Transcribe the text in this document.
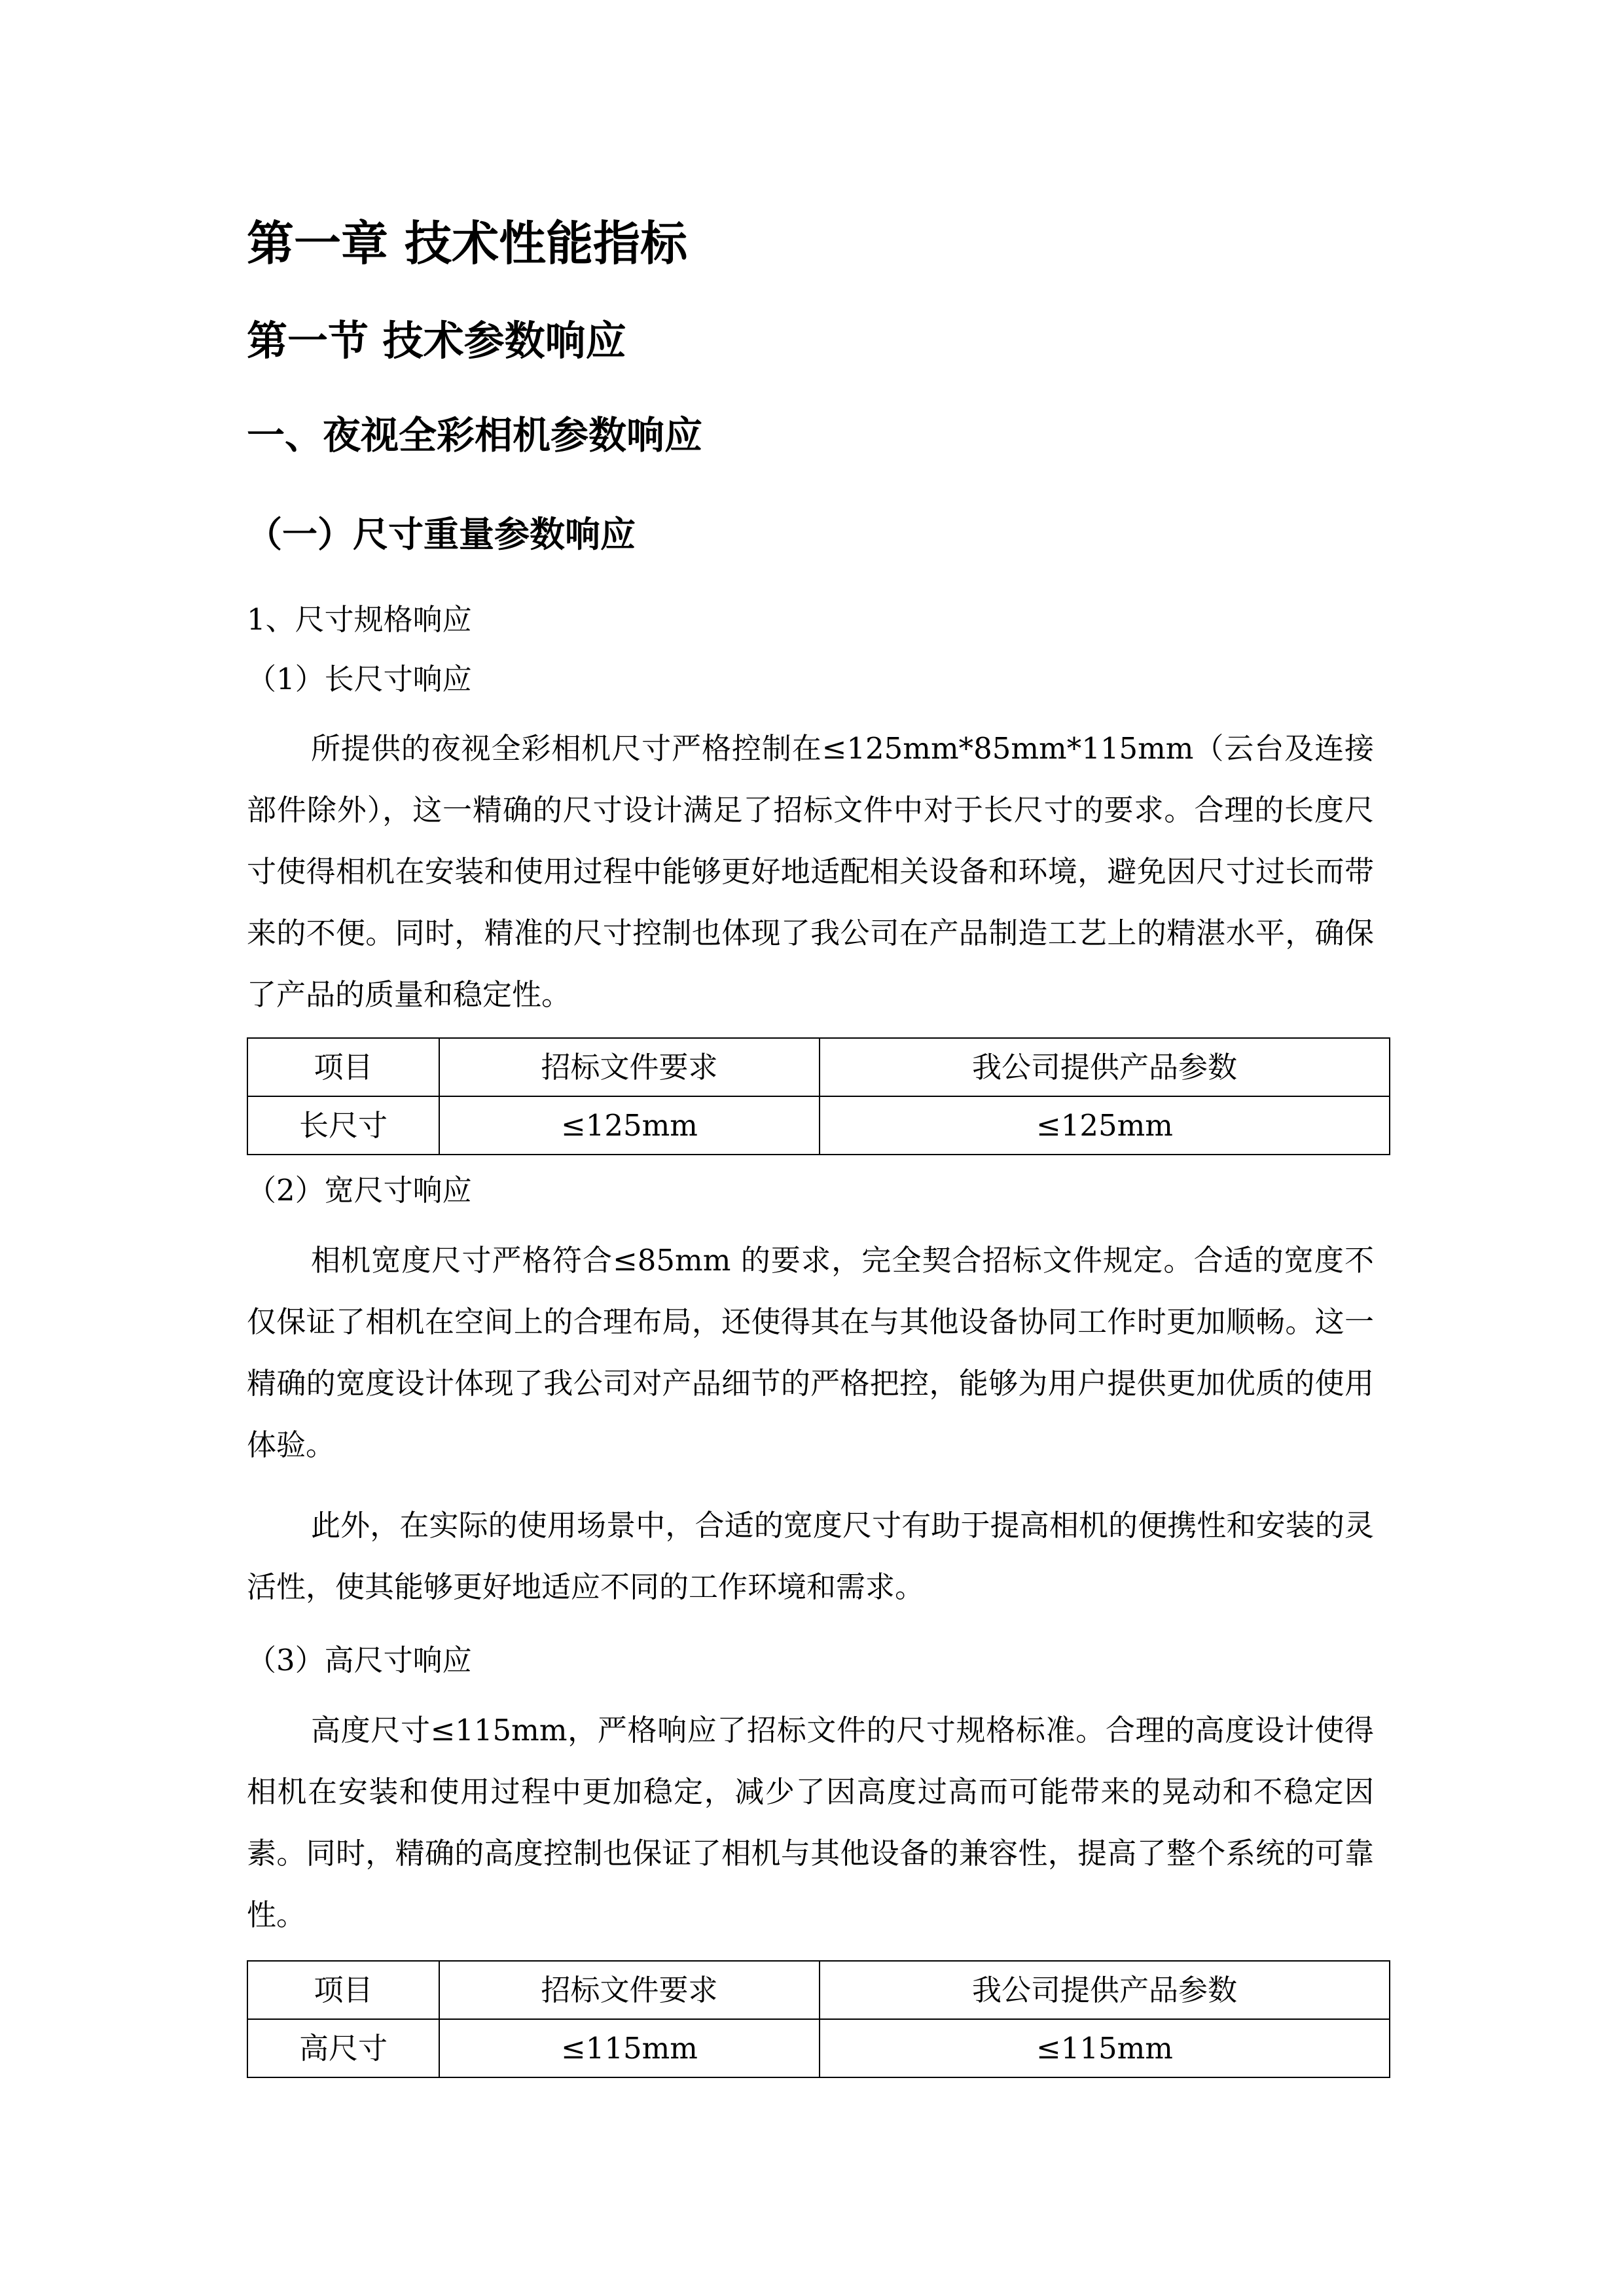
第一章 技术性能指标
第一节 技术参数响应
一、夜视全彩相机参数响应
（一）尺寸重量参数响应

1、尺寸规格响应

（1）长尺寸响应

所提供的夜视全彩相机尺寸严格控制在≤125mm*85mm*115mm（云台及连接部件除外），这一精确的尺寸设计满足了招标文件中对于长尺寸的要求。合理的长度尺寸使得相机在安装和使用过程中能够更好地适配相关设备和环境，避免因尺寸过长而带来的不便。同时，精准的尺寸控制也体现了我公司在产品制造工艺上的精湛水平，确保了产品的质量和稳定性。

项目	招标文件要求	我公司提供产品参数
长尺寸	≤125mm	≤125mm

（2）宽尺寸响应

相机宽度尺寸严格符合≤85mm 的要求，完全契合招标文件规定。合适的宽度不仅保证了相机在空间上的合理布局，还使得其在与其他设备协同工作时更加顺畅。这一精确的宽度设计体现了我公司对产品细节的严格把控，能够为用户提供更加优质的使用体验。

此外，在实际的使用场景中，合适的宽度尺寸有助于提高相机的便携性和安装的灵活性，使其能够更好地适应不同的工作环境和需求。

（3）高尺寸响应

高度尺寸≤115mm，严格响应了招标文件的尺寸规格标准。合理的高度设计使得相机在安装和使用过程中更加稳定，减少了因高度过高而可能带来的晃动和不稳定因素。同时，精确的高度控制也保证了相机与其他设备的兼容性，提高了整个系统的可靠性。

项目	招标文件要求	我公司提供产品参数
高尺寸	≤115mm	≤115mm
